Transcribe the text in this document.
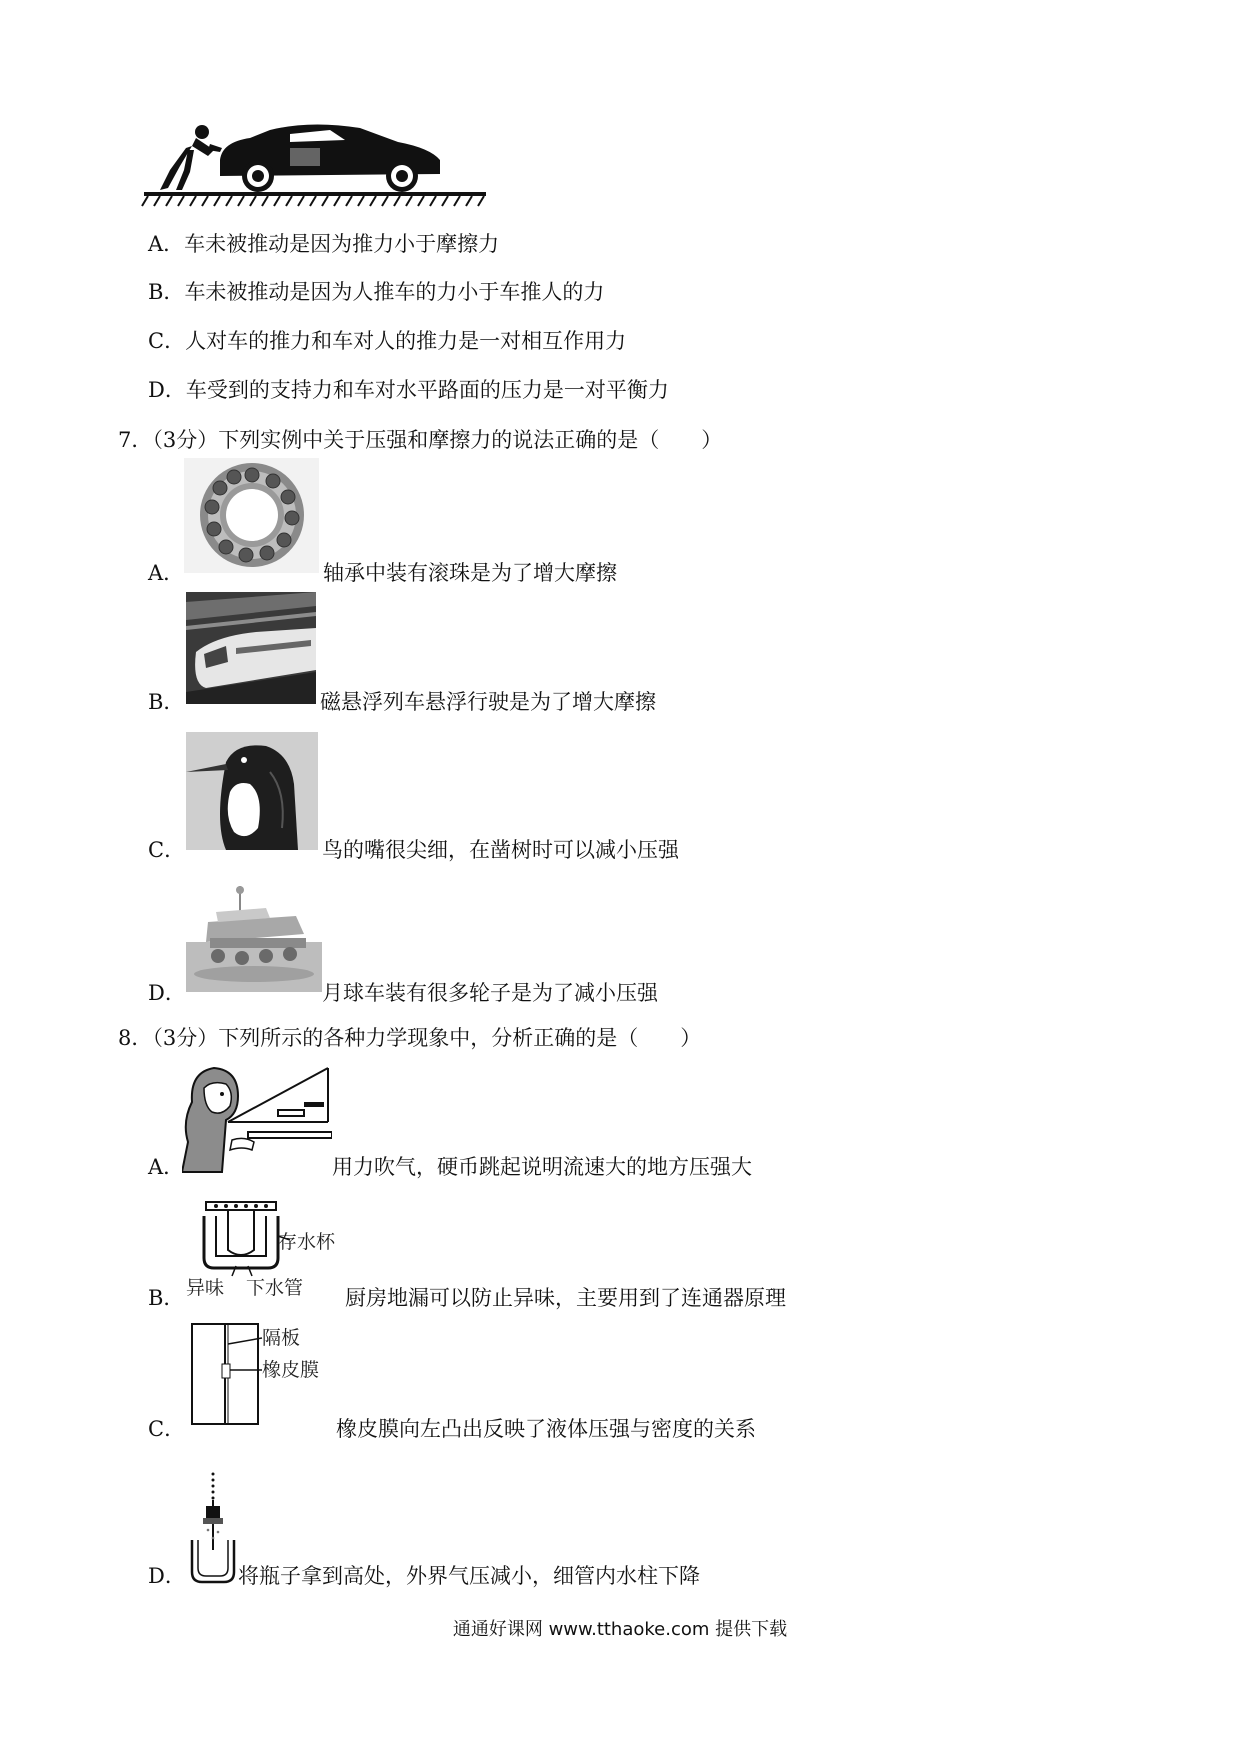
A．车未被推动是因为推力小于摩擦力
B．车未被推动是因为人推车的力小于车推人的力
C．人对车的推力和车对人的推力是一对相互作用力
D．车受到的支持力和车对水平路面的压力是一对平衡力
7．（3分）下列实例中关于压强和摩擦力的说法正确的是（　　）
A．	轴承中装有滚珠是为了增大摩擦
B．	磁悬浮列车悬浮行驶是为了增大摩擦
C．	鸟的嘴很尖细，在凿树时可以减小压强
D．	月球车装有很多轮子是为了减小压强
8．（3分）下列所示的各种力学现象中，分析正确的是（　　）
A．	用力吹气，硬币跳起说明流速大的地方压强大
存水杯
异味 下水管
B．	厨房地漏可以防止异味，主要用到了连通器原理
隔板
橡皮膜
C．	橡皮膜向左凸出反映了液体压强与密度的关系
D． 将瓶子拿到高处，外界气压减小，细管内水柱下降
通通好课网 www.tthaoke.com 提供下载
